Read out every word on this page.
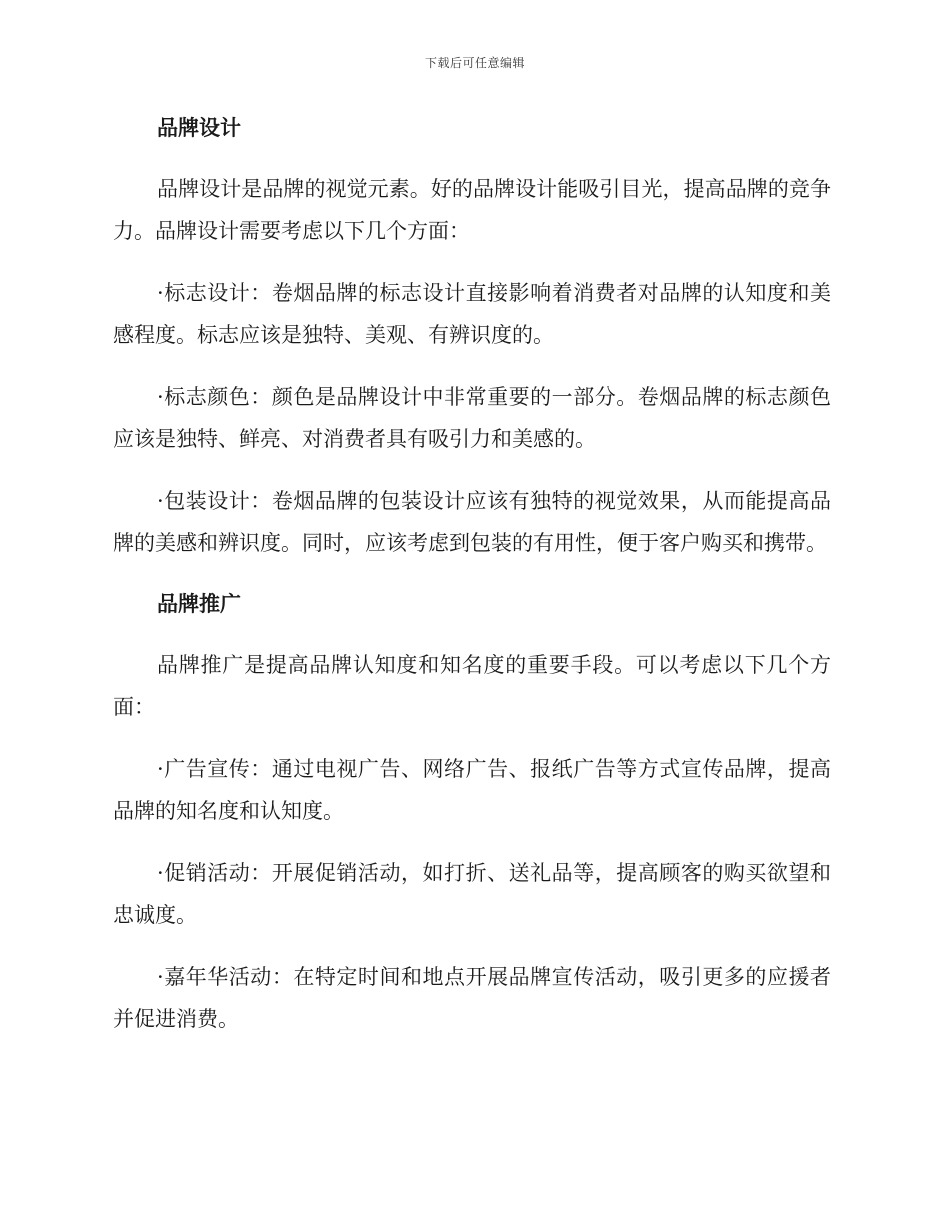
下载后可任意编辑
品牌设计

品牌设计是品牌的视觉元素。好的品牌设计能吸引目光，提高品牌的竞争力。品牌设计需要考虑以下几个方面：

·标志设计：卷烟品牌的标志设计直接影响着消费者对品牌的认知度和美感程度。标志应该是独特、美观、有辨识度的。

·标志颜色：颜色是品牌设计中非常重要的一部分。卷烟品牌的标志颜色应该是独特、鲜亮、对消费者具有吸引力和美感的。

·包装设计：卷烟品牌的包装设计应该有独特的视觉效果，从而能提高品牌的美感和辨识度。同时，应该考虑到包装的有用性，便于客户购买和携带。

品牌推广

品牌推广是提高品牌认知度和知名度的重要手段。可以考虑以下几个方面：

·广告宣传：通过电视广告、网络广告、报纸广告等方式宣传品牌，提高品牌的知名度和认知度。

·促销活动：开展促销活动，如打折、送礼品等，提高顾客的购买欲望和忠诚度。

·嘉年华活动：在特定时间和地点开展品牌宣传活动，吸引更多的应援者并促进消费。
